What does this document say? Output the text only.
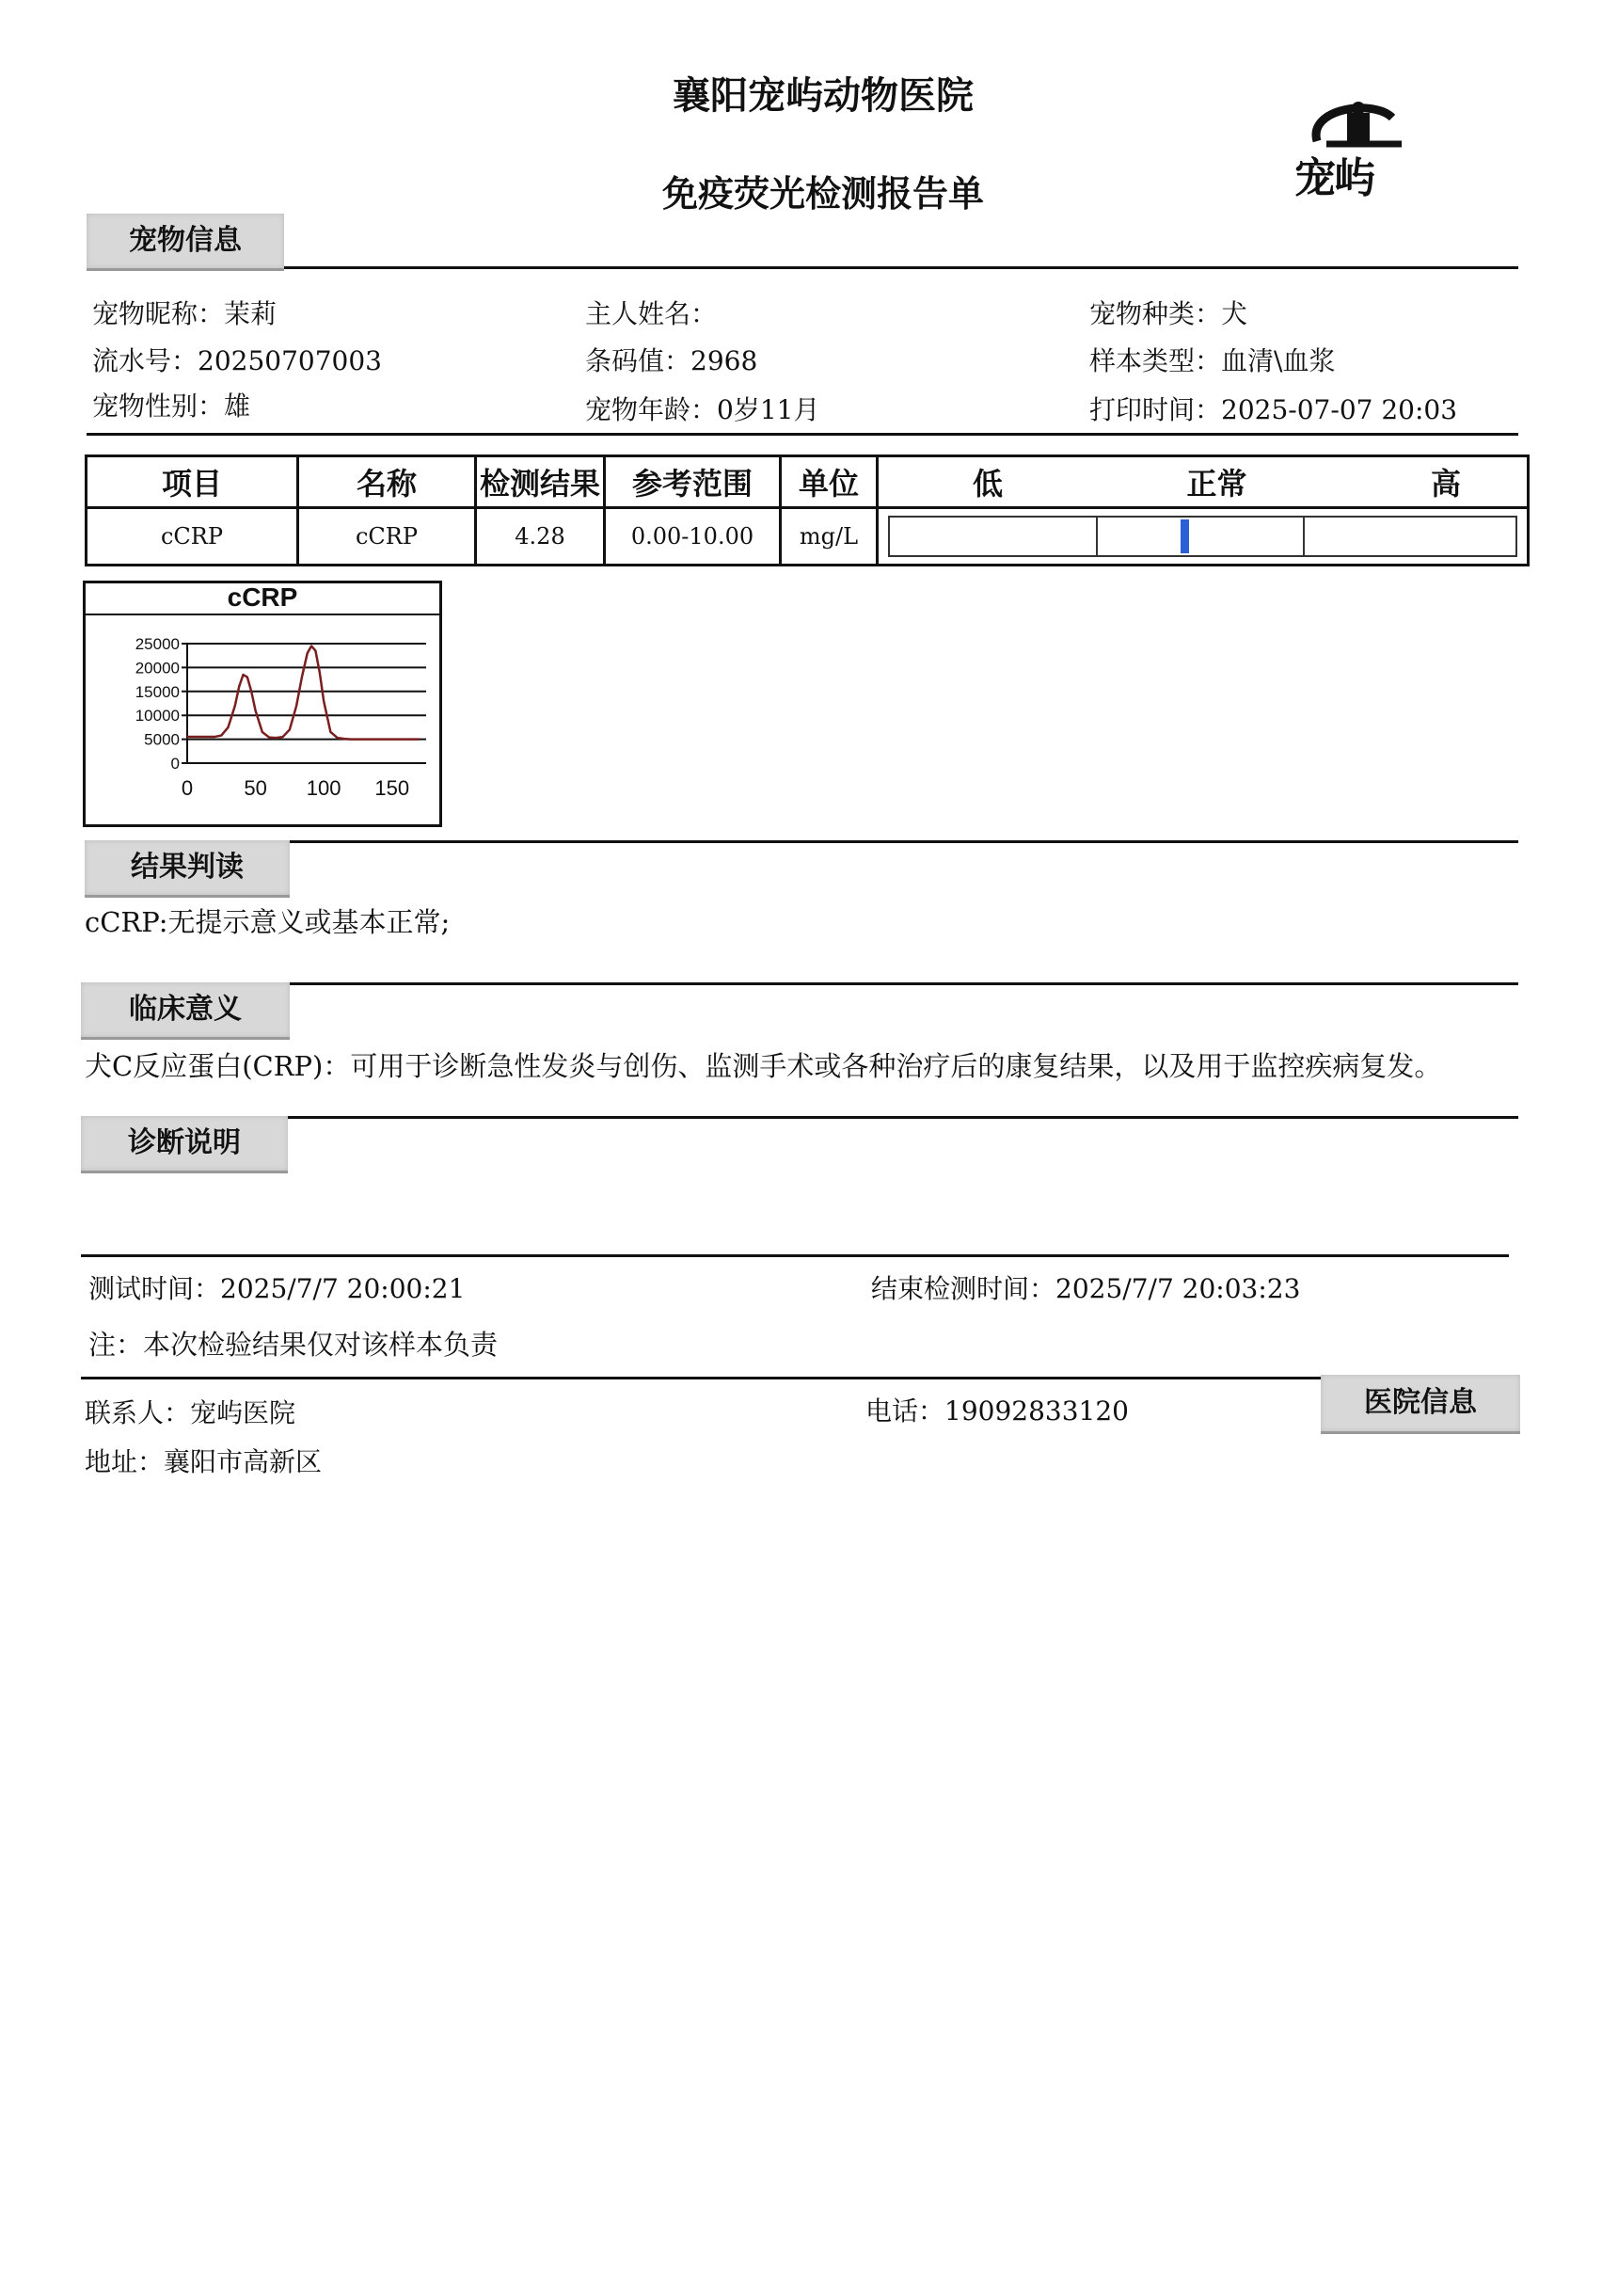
襄阳宠屿动物医院
免疫荧光检测报告单	宠屿
宠物信息
宠物昵称：茉莉	主人姓名：	宠物种类：犬
流水号：20250707003	条码值：2968	样本类型：血清\血浆
宠物性别：雄	宠物年龄：0岁11月	打印时间：2025-07-07 20:03
项目	名称	检测结果	参考范围	单位	低 正常 高

cCRP	cCRP	4.28	0.00-10.00	mg/L	
cCRP
0
5000
10000
15000
20000
25000
0 50 100 150
结果判读
cCRP:无提示意义或基本正常;
临床意义
犬C反应蛋白(CRP)：可用于诊断急性发炎与创伤、监测手术或各种治疗后的康复结果，以及用于监控疾病复发。
诊断说明
测试时间：2025/7/7 20:00:21	结束检测时间：2025/7/7 20:03:23
注：本次检验结果仅对该样本负责
医院信息
联系人：宠屿医院	电话：19092833120
地址：襄阳市高新区
